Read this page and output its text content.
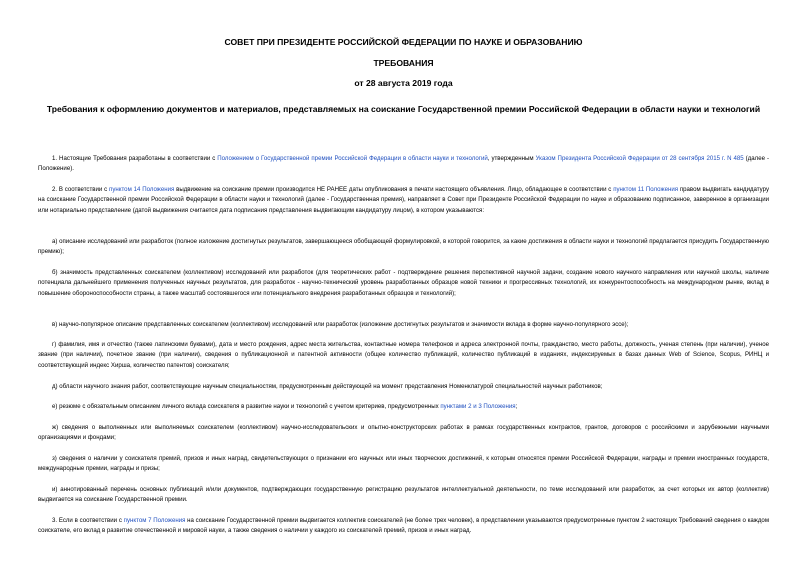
СОВЕТ ПРИ ПРЕЗИДЕНТЕ РОССИЙСКОЙ ФЕДЕРАЦИИ ПО НАУКЕ И ОБРАЗОВАНИЮ
ТРЕБОВАНИЯ
от 28 августа 2019 года
Требования к оформлению документов и материалов, представляемых на соискание Государственной премии Российской Федерации в области науки и технологий
1. Настоящие Требования разработаны в соответствии с Положением о Государственной премии Российской Федерации в области науки и технологий, утвержденным Указом Президента Российской Федерации от 28 сентября 2015 г. N 485 (далее - Положение).
2. В соответствии с пунктом 14 Положения выдвижение на соискание премии производится НЕ РАНЕЕ даты опубликования в печати настоящего объявления. Лицо, обладающее в соответствии с пунктом 11 Положения правом выдвигать кандидатуру на соискание Государственной премии Российской Федерации в области науки и технологий (далее - Государственная премия), направляет в Совет при Президенте Российской Федерации по науке и образованию подписанное, заверенное в организации или нотариально представление (датой выдвижения считается дата подписания представления выдвигающим кандидатуру лицом), в котором указываются:
а) описание исследований или разработок (полное изложение достигнутых результатов, завершающееся обобщающей формулировкой, в которой говорится, за какие достижения в области науки и технологий предлагается присудить Государственную премию);
б) значимость представленных соискателем (коллективом) исследований или разработок (для теоретических работ - подтверждение решения перспективной научной задачи, создание нового научного направления или научной школы, наличие потенциала дальнейшего применения полученных научных результатов, для разработок - научно-технический уровень разработанных образцов новой техники и прогрессивных технологий, их конкурентоспособность на международном рынке, вклад в повышение обороноспособности страны, а также масштаб состоявшегося или потенциального внедрения разработанных образцов и технологий);
в) научно-популярное описание представленных соискателем (коллективом) исследований или разработок (изложение достигнутых результатов и значимости вклада в форме научно-популярного эссе);
г) фамилия, имя и отчество (также латинскими буквами), дата и место рождения, адрес места жительства, контактные номера телефонов и адреса электронной почты, гражданство, место работы, должность, ученая степень (при наличии), ученое звание (при наличии), почетное звание (при наличии), сведения о публикационной и патентной активности (общее количество публикаций, количество публикаций в изданиях, индексируемых в базах данных Web of Science, Scopus, РИНЦ и соответствующий индекс Хирша, количество патентов) соискателя;
д) области научного знания работ, соответствующие научным специальностям, предусмотренным действующей на момент представления Номенклатурой специальностей научных работников;
е) резюме с обязательным описанием личного вклада соискателя в развитие науки и технологий с учетом критериев, предусмотренных пунктами 2 и 3 Положения;
ж) сведения о выполненных или выполняемых соискателем (коллективом) научно-исследовательских и опытно-конструкторских работах в рамках государственных контрактов, грантов, договоров с российскими и зарубежными научными организациями и фондами;
з) сведения о наличии у соискателя премий, призов и иных наград, свидетельствующих о признании его научных или иных творческих достижений, к которым относятся премии Российской Федерации, награды и премии иностранных государств, международные премии, награды и призы;
и) аннотированный перечень основных публикаций и/или документов, подтверждающих государственную регистрацию результатов интеллектуальной деятельности, по теме исследований или разработок, за счет которых их автор (коллектив) выдвигается на соискание Государственной премии.
3. Если в соответствии с пунктом 7 Положения на соискание Государственной премии выдвигается коллектив соискателей (не более трех человек), в представлении указываются предусмотренные пунктом 2 настоящих Требований сведения о каждом соискателе, его вклад в развитие отечественной и мировой науки, а также сведения о наличии у каждого из соискателей премий, призов и иных наград.
